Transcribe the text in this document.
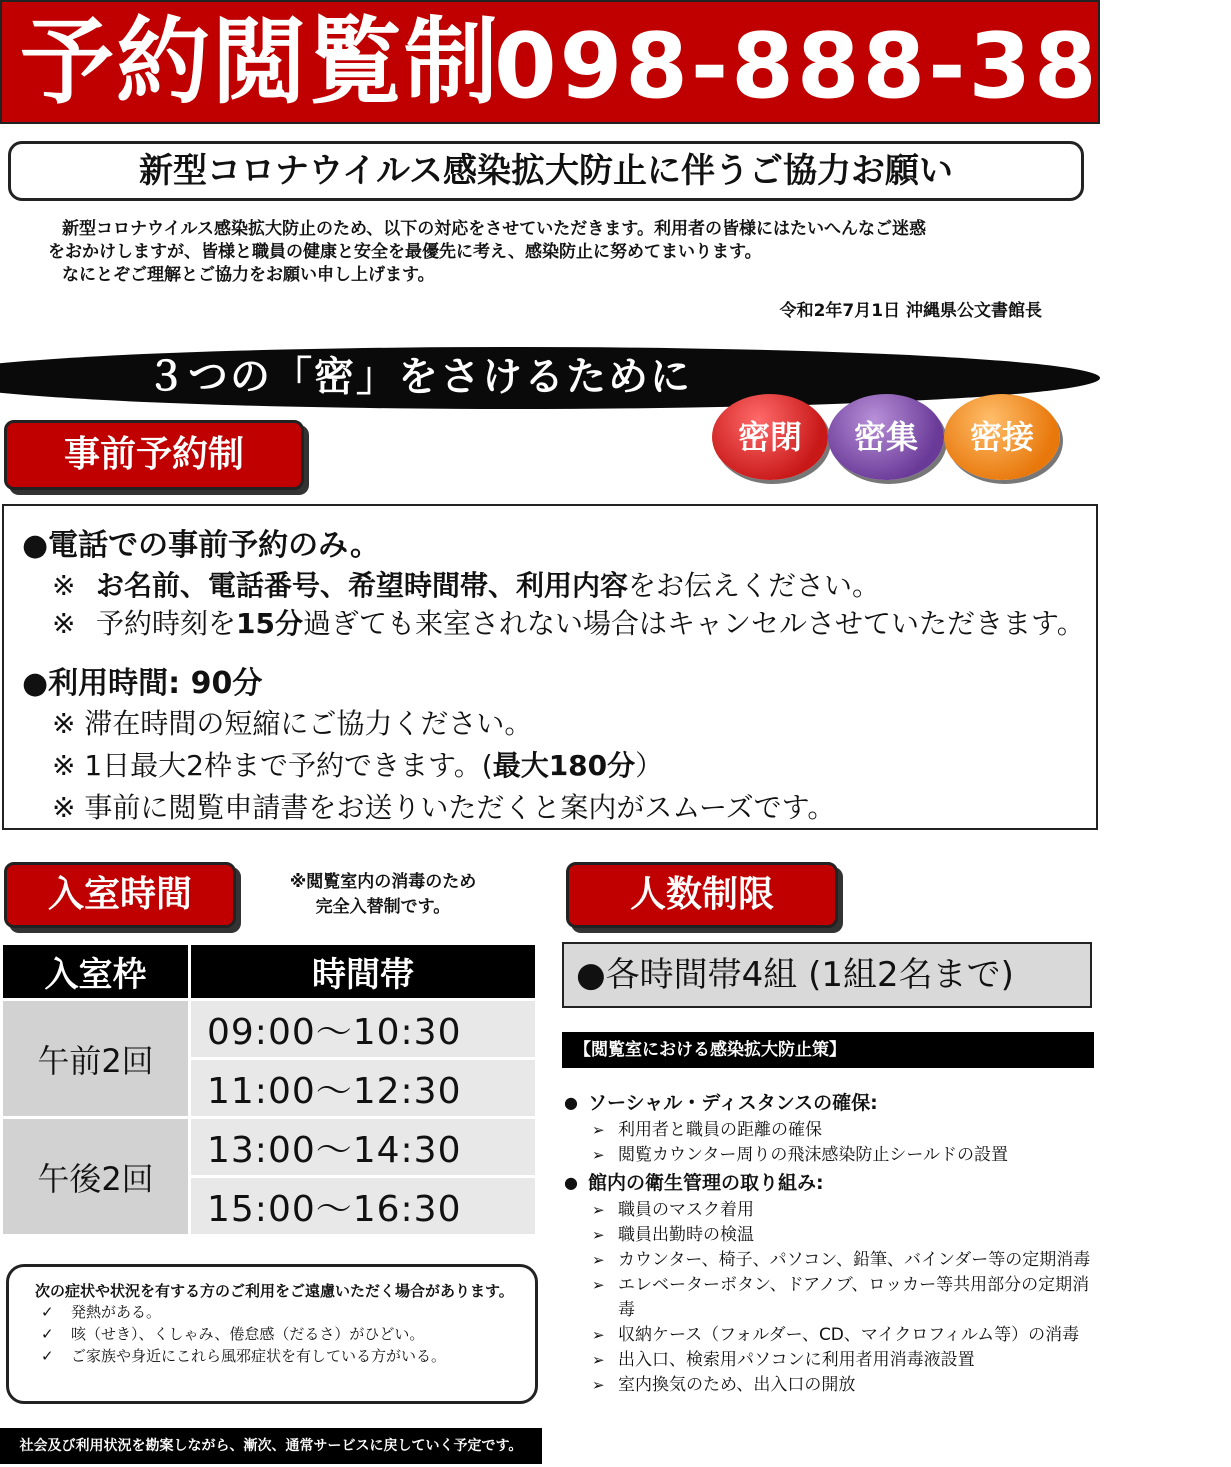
予約閲覧制
098-888-3871
新型コロナウイルス感染拡大防止に伴うご協力お願い

新型コロナウイルス感染拡大防止のため、以下の対応をさせていただきます。利用者の皆様にはたいへんなご迷惑

をおかけしますが、皆様と職員の健康と安全を最優先に考え、感染防止に努めてまいります。

なにとぞご理解とご協力をお願い申し上げます。

令和2年7月1日 沖縄県公文書館長
３つの「密」をさけるために
事前予約制	密閉	密集	密接
●電話での事前予約のみ。
※ お名前、電話番号、希望時間帯、利用内容をお伝えください。
※ 予約時刻を15分過ぎても来室されない場合はキャンセルさせていただきます。
●利用時間: 90分
※ 滞在時間の短縮にご協力ください。
※ 1日最大2枠まで予約できます。(最大180分）
※ 事前に閲覧申請書をお送りいただくと案内がスムーズです。
入室時間	※閲覧室内の消毒のため
完全入替制です。
入室枠	時間帯
午前2回	09:00～10:30
	11:00～12:30
午後2回	13:00～14:30
	15:00～16:30
人数制限
●各時間帯4組 (1組2名まで)
【閲覧室における感染拡大防止策】
● ソーシャル・ディスタンスの確保:
➢ 利用者と職員の距離の確保
➢ 閲覧カウンター周りの飛沫感染防止シールドの設置
● 館内の衛生管理の取り組み:
➢ 職員のマスク着用
➢ 職員出勤時の検温
➢ カウンター、椅子、パソコン、鉛筆、バインダー等の定期消毒
➢ エレベーターボタン、ドアノブ、ロッカー等共用部分の定期消毒
➢ 収納ケース（フォルダー、CD、マイクロフィルム等）の消毒
➢ 出入口、検索用パソコンに利用者用消毒液設置
➢ 室内換気のため、出入口の開放
次の症状や状況を有する方のご利用をご遠慮いただく場合があります。
✓ 発熱がある。
✓ 咳（せき）、くしゃみ、倦怠感（だるさ）がひどい。
✓ ご家族や身近にこれら風邪症状を有している方がいる。
社会及び利用状況を勘案しながら、漸次、通常サービスに戻していく予定です。
